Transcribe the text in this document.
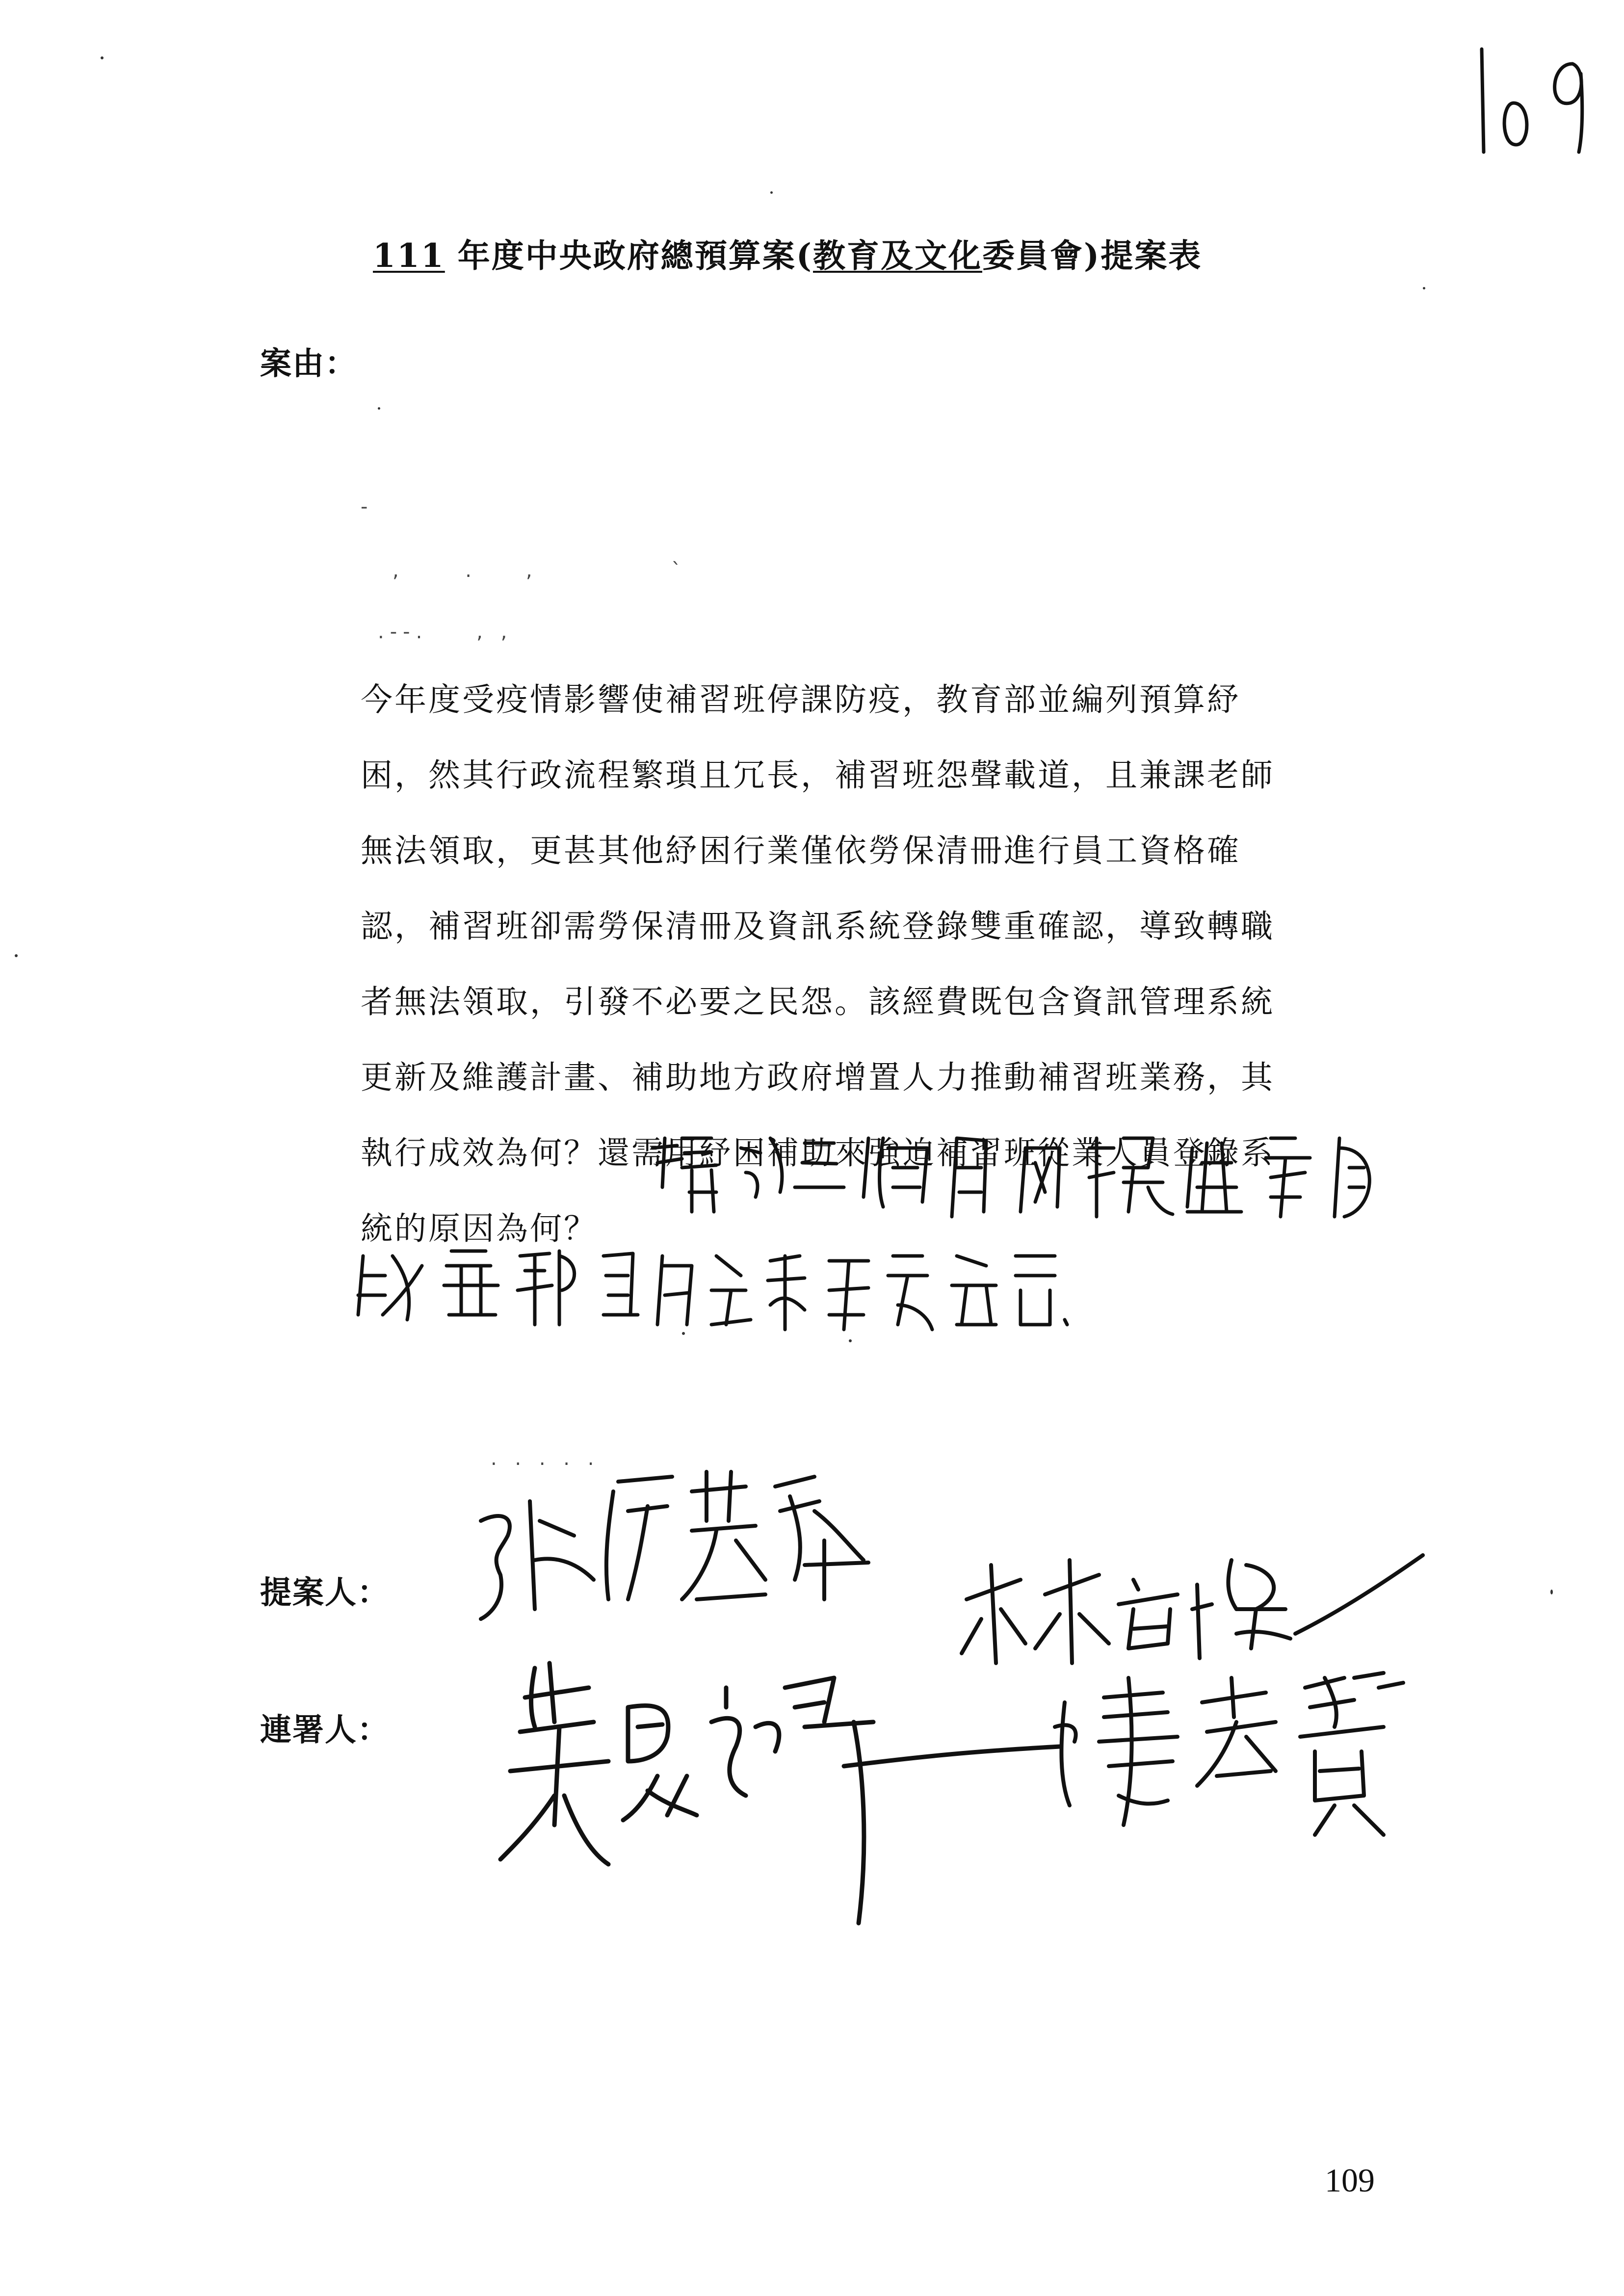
-
,     .    ,           `
.--.    , ,
. . . . .
111 年度中央政府總預算案(教育及文化委員會)提案表
案由：
今年度受疫情影響使補習班停課防疫，教育部並編列預算紓
困，然其行政流程繁瑣且冗長，補習班怨聲載道，且兼課老師
無法領取，更甚其他紓困行業僅依勞保清冊進行員工資格確
認，補習班卻需勞保清冊及資訊系統登錄雙重確認，導致轉職
者無法領取，引發不必要之民怨。該經費既包含資訊管理系統
更新及維護計畫、補助地方政府增置人力推動補習班業務，其
執行成效為何？還需用紓困補助來強迫補習班從業人員登錄系
統的原因為何？
提案人：
連署人：
109
